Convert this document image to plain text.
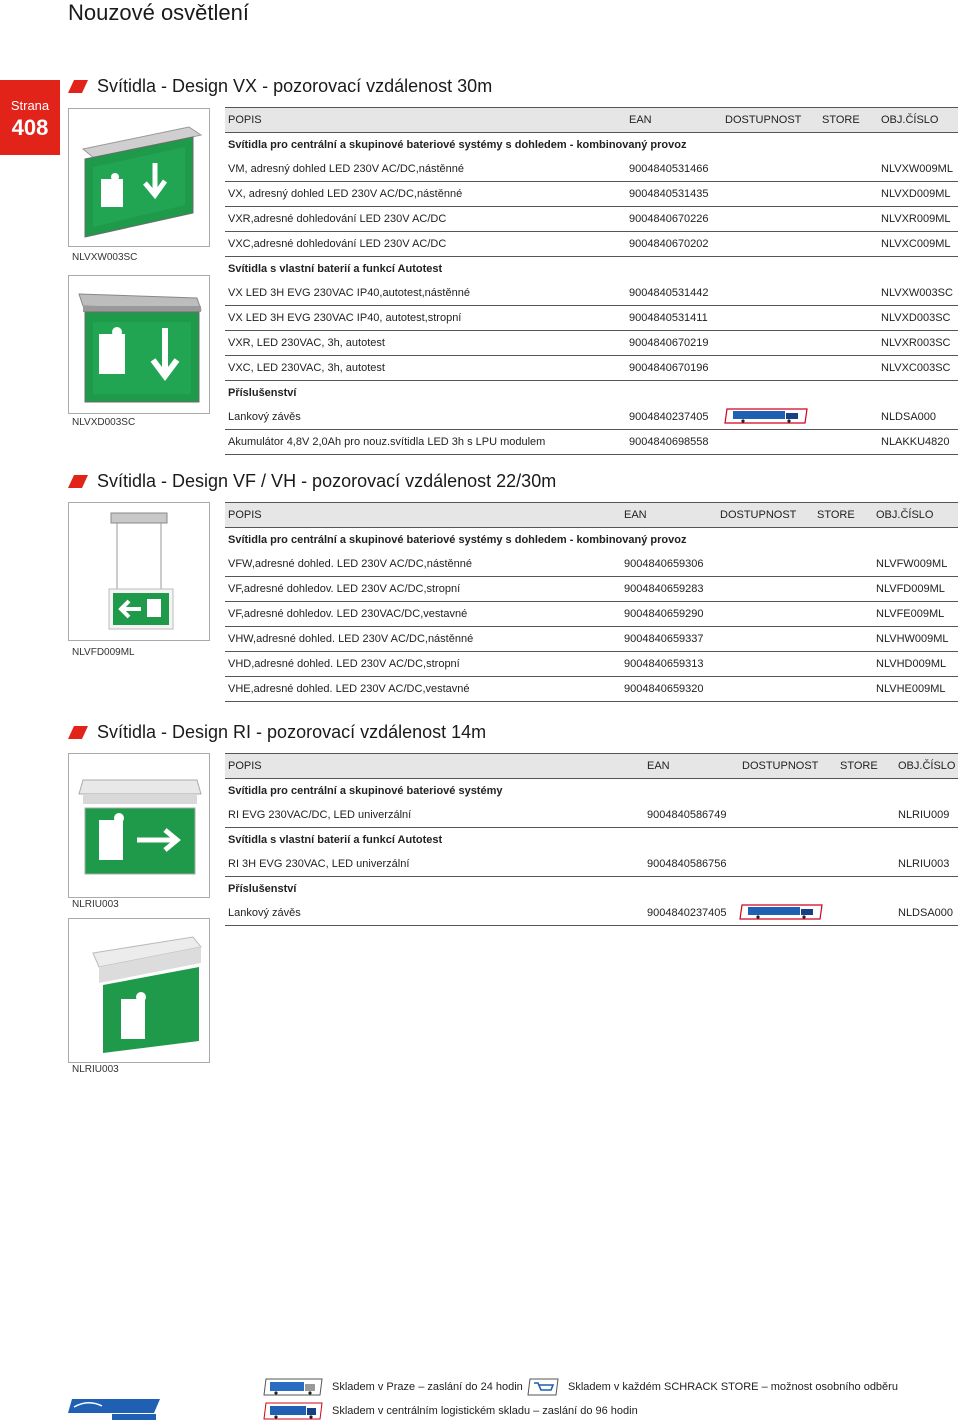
Nouzové osvětlení
Strana
408
Svítidla - Design VX - pozorovací vzdálenost 30m
NLVXW003SC
NLVXD003SC
POPIS	EAN	DOSTUPNOST STORE OBJ.ČÍSLO
Svítidla pro centrální a skupinové bateriové systémy s dohledem - kombinovaný provoz
VM, adresný dohled LED 230V AC/DC,nástěnné	9004840531466	NLVXW009ML
VX, adresný dohled LED 230V AC/DC,nástěnné	9004840531435	NLVXD009ML
VXR,adresné dohledování LED 230V AC/DC	9004840670226	NLVXR009ML
VXC,adresné dohledování LED 230V AC/DC	9004840670202	NLVXC009ML
Svítidla s vlastní baterií a funkcí Autotest
VX LED 3H EVG 230VAC IP40,autotest,nástěnné	9004840531442	NLVXW003SC
VX LED 3H EVG 230VAC IP40, autotest,stropní	9004840531411	NLVXD003SC
VXR, LED 230VAC, 3h, autotest	9004840670219	NLVXR003SC
VXC, LED 230VAC, 3h, autotest	9004840670196	NLVXC003SC
Příslušenství
Lankový závěs	9004840237405	NLDSA000
Akumulátor 4,8V 2,0Ah pro nouz.svítidla LED 3h s LPU modulem	9004840698558	NLAKKU4820
Svítidla - Design VF / VH - pozorovací vzdálenost 22/30m
NLVFD009ML
POPIS	EAN	DOSTUPNOST STORE OBJ.ČÍSLO
Svítidla pro centrální a skupinové bateriové systémy s dohledem - kombinovaný provoz
VFW,adresné dohled. LED 230V AC/DC,nástěnné	9004840659306	NLVFW009ML
VF,adresné dohledov. LED 230V AC/DC,stropní	9004840659283	NLVFD009ML
VF,adresné dohledov. LED 230VAC/DC,vestavné	9004840659290	NLVFE009ML
VHW,adresné dohled. LED 230V AC/DC,nástěnné	9004840659337	NLVHW009ML
VHD,adresné dohled. LED 230V AC/DC,stropní	9004840659313	NLVHD009ML
VHE,adresné dohled. LED 230V AC/DC,vestavné	9004840659320	NLVHE009ML
Svítidla - Design RI - pozorovací vzdálenost 14m
NLRIU003
NLRIU003
POPIS	EAN	DOSTUPNOST STORE OBJ.ČÍSLO
Svítidla pro centrální a skupinové bateriové systémy
RI EVG 230VAC/DC, LED univerzální	9004840586749	NLRIU009
Svítidla s vlastní baterií a funkcí Autotest
RI 3H EVG 230VAC, LED univerzální	9004840586756	NLRIU003
Příslušenství
Lankový závěs	9004840237405	NLDSA000
Skladem v Praze – zaslání do 24 hodin	Skladem v každém SCHRACK STORE – možnost osobního odběru
Skladem v centrálním logistickém skladu – zaslání do 96 hodin
